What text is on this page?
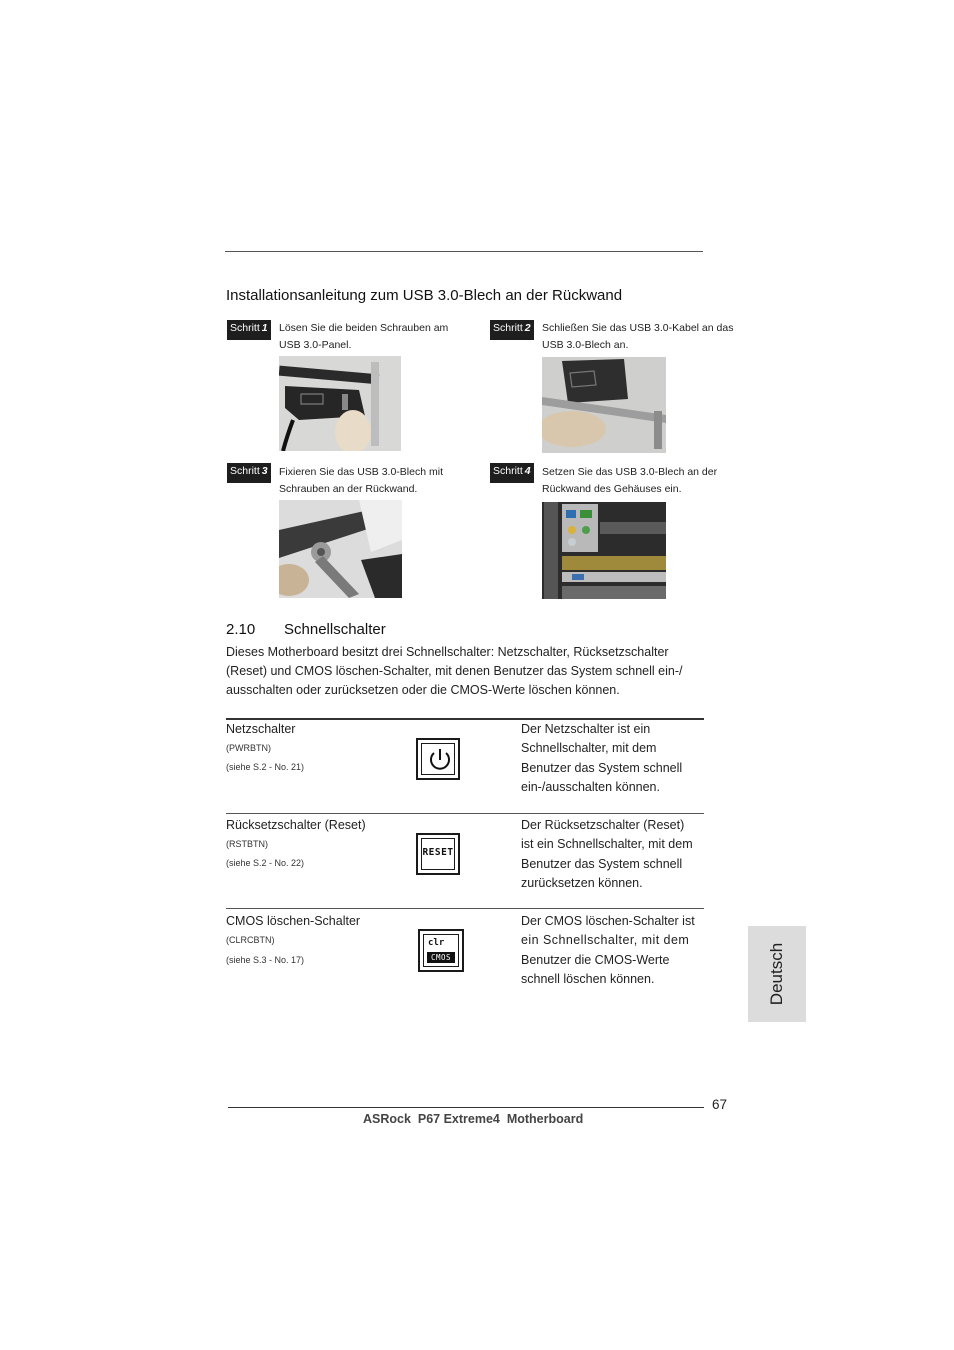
Installationsanleitung zum USB 3.0-Blech an der Rückwand
Schritt 1 Lösen Sie die beiden Schrauben am USB 3.0-Panel.
Schritt 2 Schließen Sie das USB 3.0-Kabel an das USB 3.0-Blech an.
Schritt 3 Fixieren Sie das USB 3.0-Blech mit Schrauben an der Rückwand.
Schritt 4 Setzen Sie das USB 3.0-Blech an der Rückwand des Gehäuses ein.
2.10 Schnellschalter
Dieses Motherboard besitzt drei Schnellschalter: Netzschalter, Rücksetzschalter (Reset) und CMOS löschen-Schalter, mit denen Benutzer das System schnell ein-/ ausschalten oder zurücksetzen oder die CMOS-Werte löschen können.
Netzschalter
(PWRBTN)
(siehe S.2 - No. 21)
Der Netzschalter ist ein
Schnellschalter, mit dem
Benutzer das System schnell
ein-/ausschalten können.
Rücksetzschalter (Reset)
(RSTBTN)
(siehe S.2 - No. 22)
RESET
Der Rücksetzschalter (Reset)
ist ein Schnellschalter, mit dem
Benutzer das System schnell
zurücksetzen können.
CMOS löschen-Schalter
(CLRCBTN)
(siehe S.3 - No. 17)
clr
CMOS
Der CMOS löschen-Schalter ist
ein Schnellschalter, mit dem
Benutzer die CMOS-Werte
schnell löschen können.	Deutsch
67
ASRock  P67 Extreme4  Motherboard
